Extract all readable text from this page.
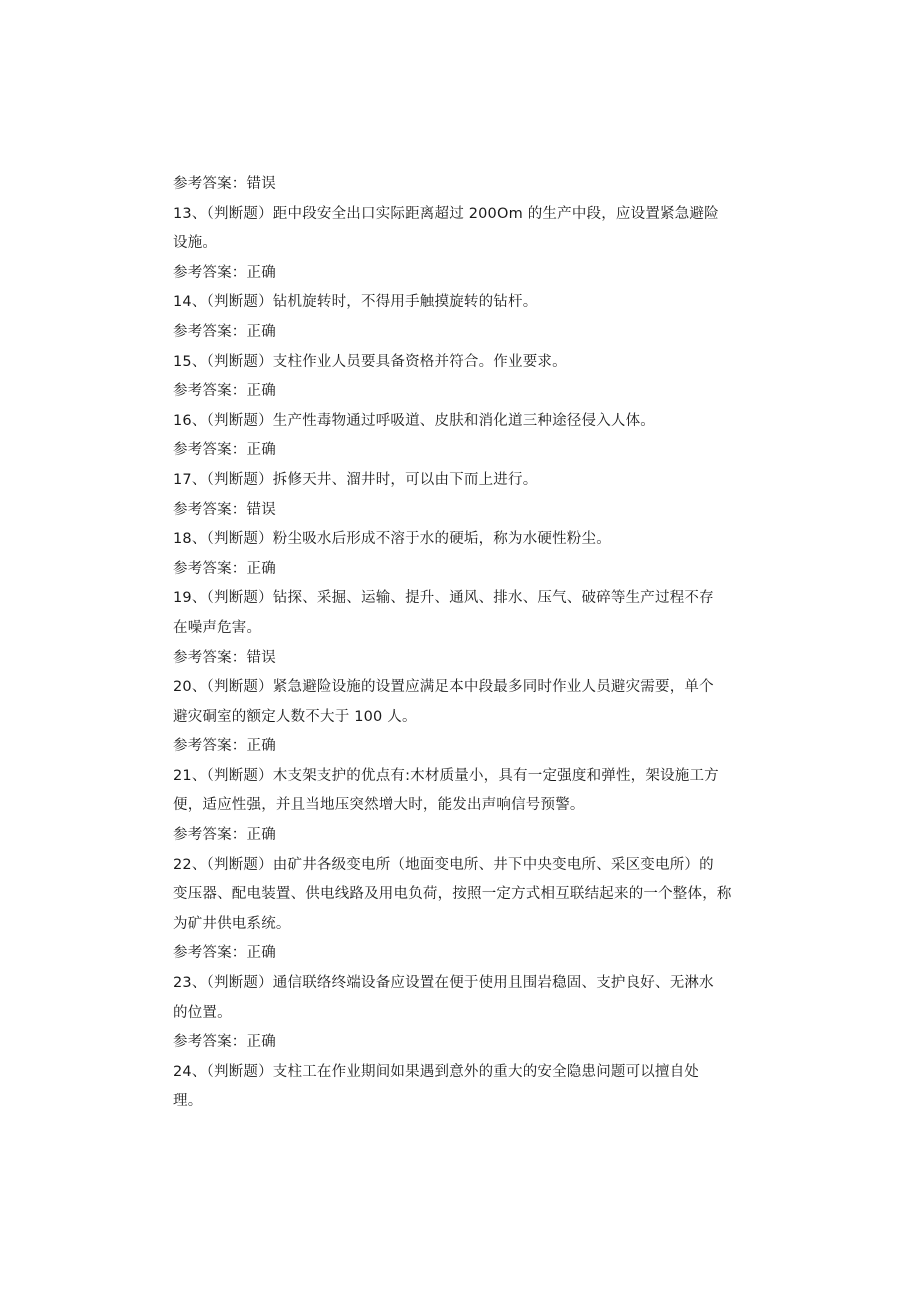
参考答案：错误
13、（判断题）距中段安全出口实际距离超过 200Om 的生产中段，应设置紧急避险
设施。
参考答案：正确
14、（判断题）钻机旋转时，不得用手触摸旋转的钻杆。
参考答案：正确
15、（判断题）支柱作业人员要具备资格并符合。作业要求。
参考答案：正确
16、（判断题）生产性毒物通过呼吸道、皮肤和消化道三种途径侵入人体。
参考答案：正确
17、（判断题）拆修天井、溜井时，可以由下而上进行。
参考答案：错误
18、（判断题）粉尘吸水后形成不溶于水的硬垢，称为水硬性粉尘。
参考答案：正确
19、（判断题）钻探、采掘、运输、提升、通风、排水、压气、破碎等生产过程不存
在噪声危害。
参考答案：错误
20、（判断题）紧急避险设施的设置应满足本中段最多同时作业人员避灾需要，单个
避灾硐室的额定人数不大于 100 人。
参考答案：正确
21、（判断题）木支架支护的优点有:木材质量小，具有一定强度和弹性，架设施工方
便，适应性强，并且当地压突然增大时，能发出声响信号预警。
参考答案：正确
22、（判断题）由矿井各级变电所（地面变电所、井下中央变电所、采区变电所）的
变压器、配电装置、供电线路及用电负荷，按照一定方式相互联结起来的一个整体，称
为矿井供电系统。
参考答案：正确
23、（判断题）通信联络终端设备应设置在便于使用且围岩稳固、支护良好、无淋水
的位置。
参考答案：正确
24、（判断题）支柱工在作业期间如果遇到意外的重大的安全隐患问题可以擅自处
理。
